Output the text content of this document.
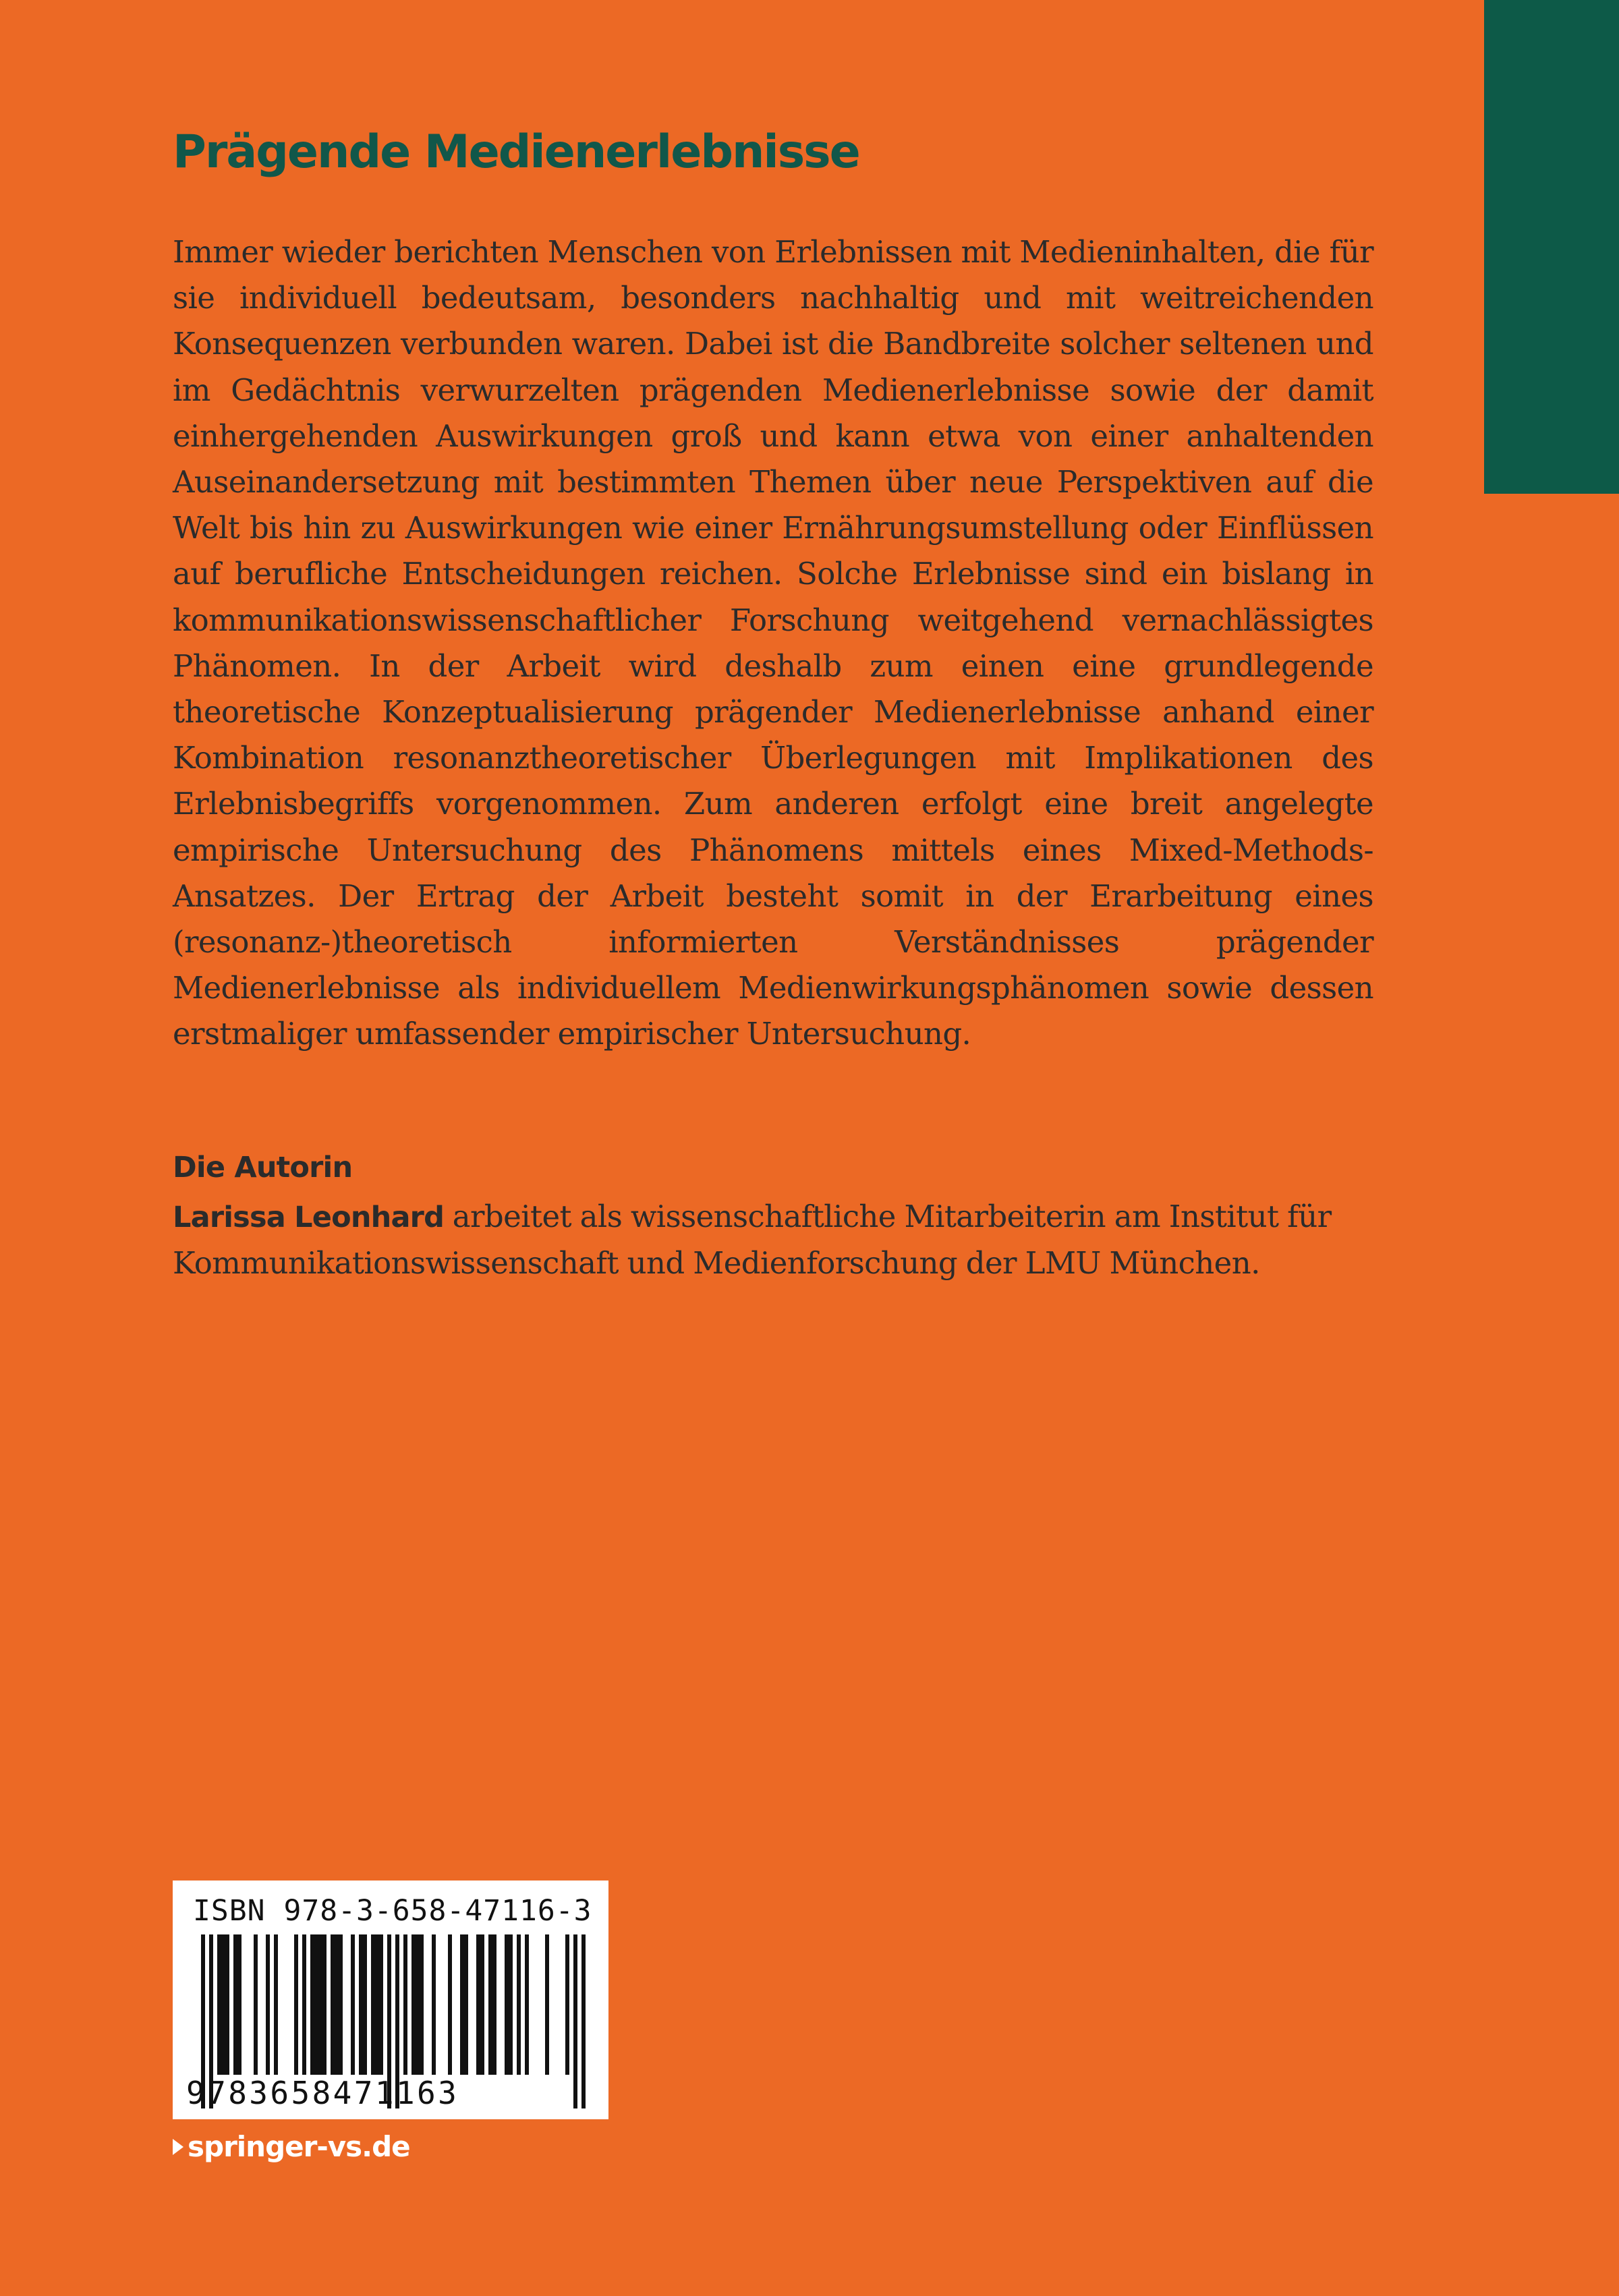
Prägende Medienerlebnisse

Immer wieder berichten Menschen von Erlebnissen mit Medieninhalten, die für sie individuell bedeutsam, besonders nachhaltig und mit weitreichenden Konsequenzen verbunden waren. Dabei ist die Bandbreite solcher seltenen und im Gedächtnis verwurzelten prägenden Medienerlebnisse sowie der damit einhergehenden Auswirkungen groß und kann etwa von einer anhaltenden Auseinandersetzung mit bestimmten Themen über neue Perspektiven auf die Welt bis hin zu Auswirkungen wie einer Ernährungsumstellung oder Einflüssen auf berufliche Entscheidungen reichen. Solche Erlebnisse sind ein bislang in kommunikationswissenschaftlicher Forschung weitgehend vernachlässigtes Phänomen. In der Arbeit wird deshalb zum einen eine grundlegende theoretische Konzeptualisierung prägender Medienerlebnisse anhand einer Kombination resonanztheoretischer Überlegungen mit Implikationen des Erlebnisbegriffs vorgenommen. Zum anderen erfolgt eine breit angelegte empirische Untersuchung des Phänomens mittels eines Mixed-Methods-Ansatzes. Der Ertrag der Arbeit besteht somit in der Erarbeitung eines (resonanz-)theoretisch informierten Verständnisses prägender Medienerlebnisse als individuellem Medienwirkungsphänomen sowie dessen erstmaliger umfassender empirischer Untersuchung.

Die Autorin

Larissa Leonhard arbeitet als wissenschaftliche Mitarbeiterin am Institut für Kommunikationswissenschaft und Medienforschung der LMU München.

ISBN 978-3-658-47116-3
9783658471163
springer-vs.de
